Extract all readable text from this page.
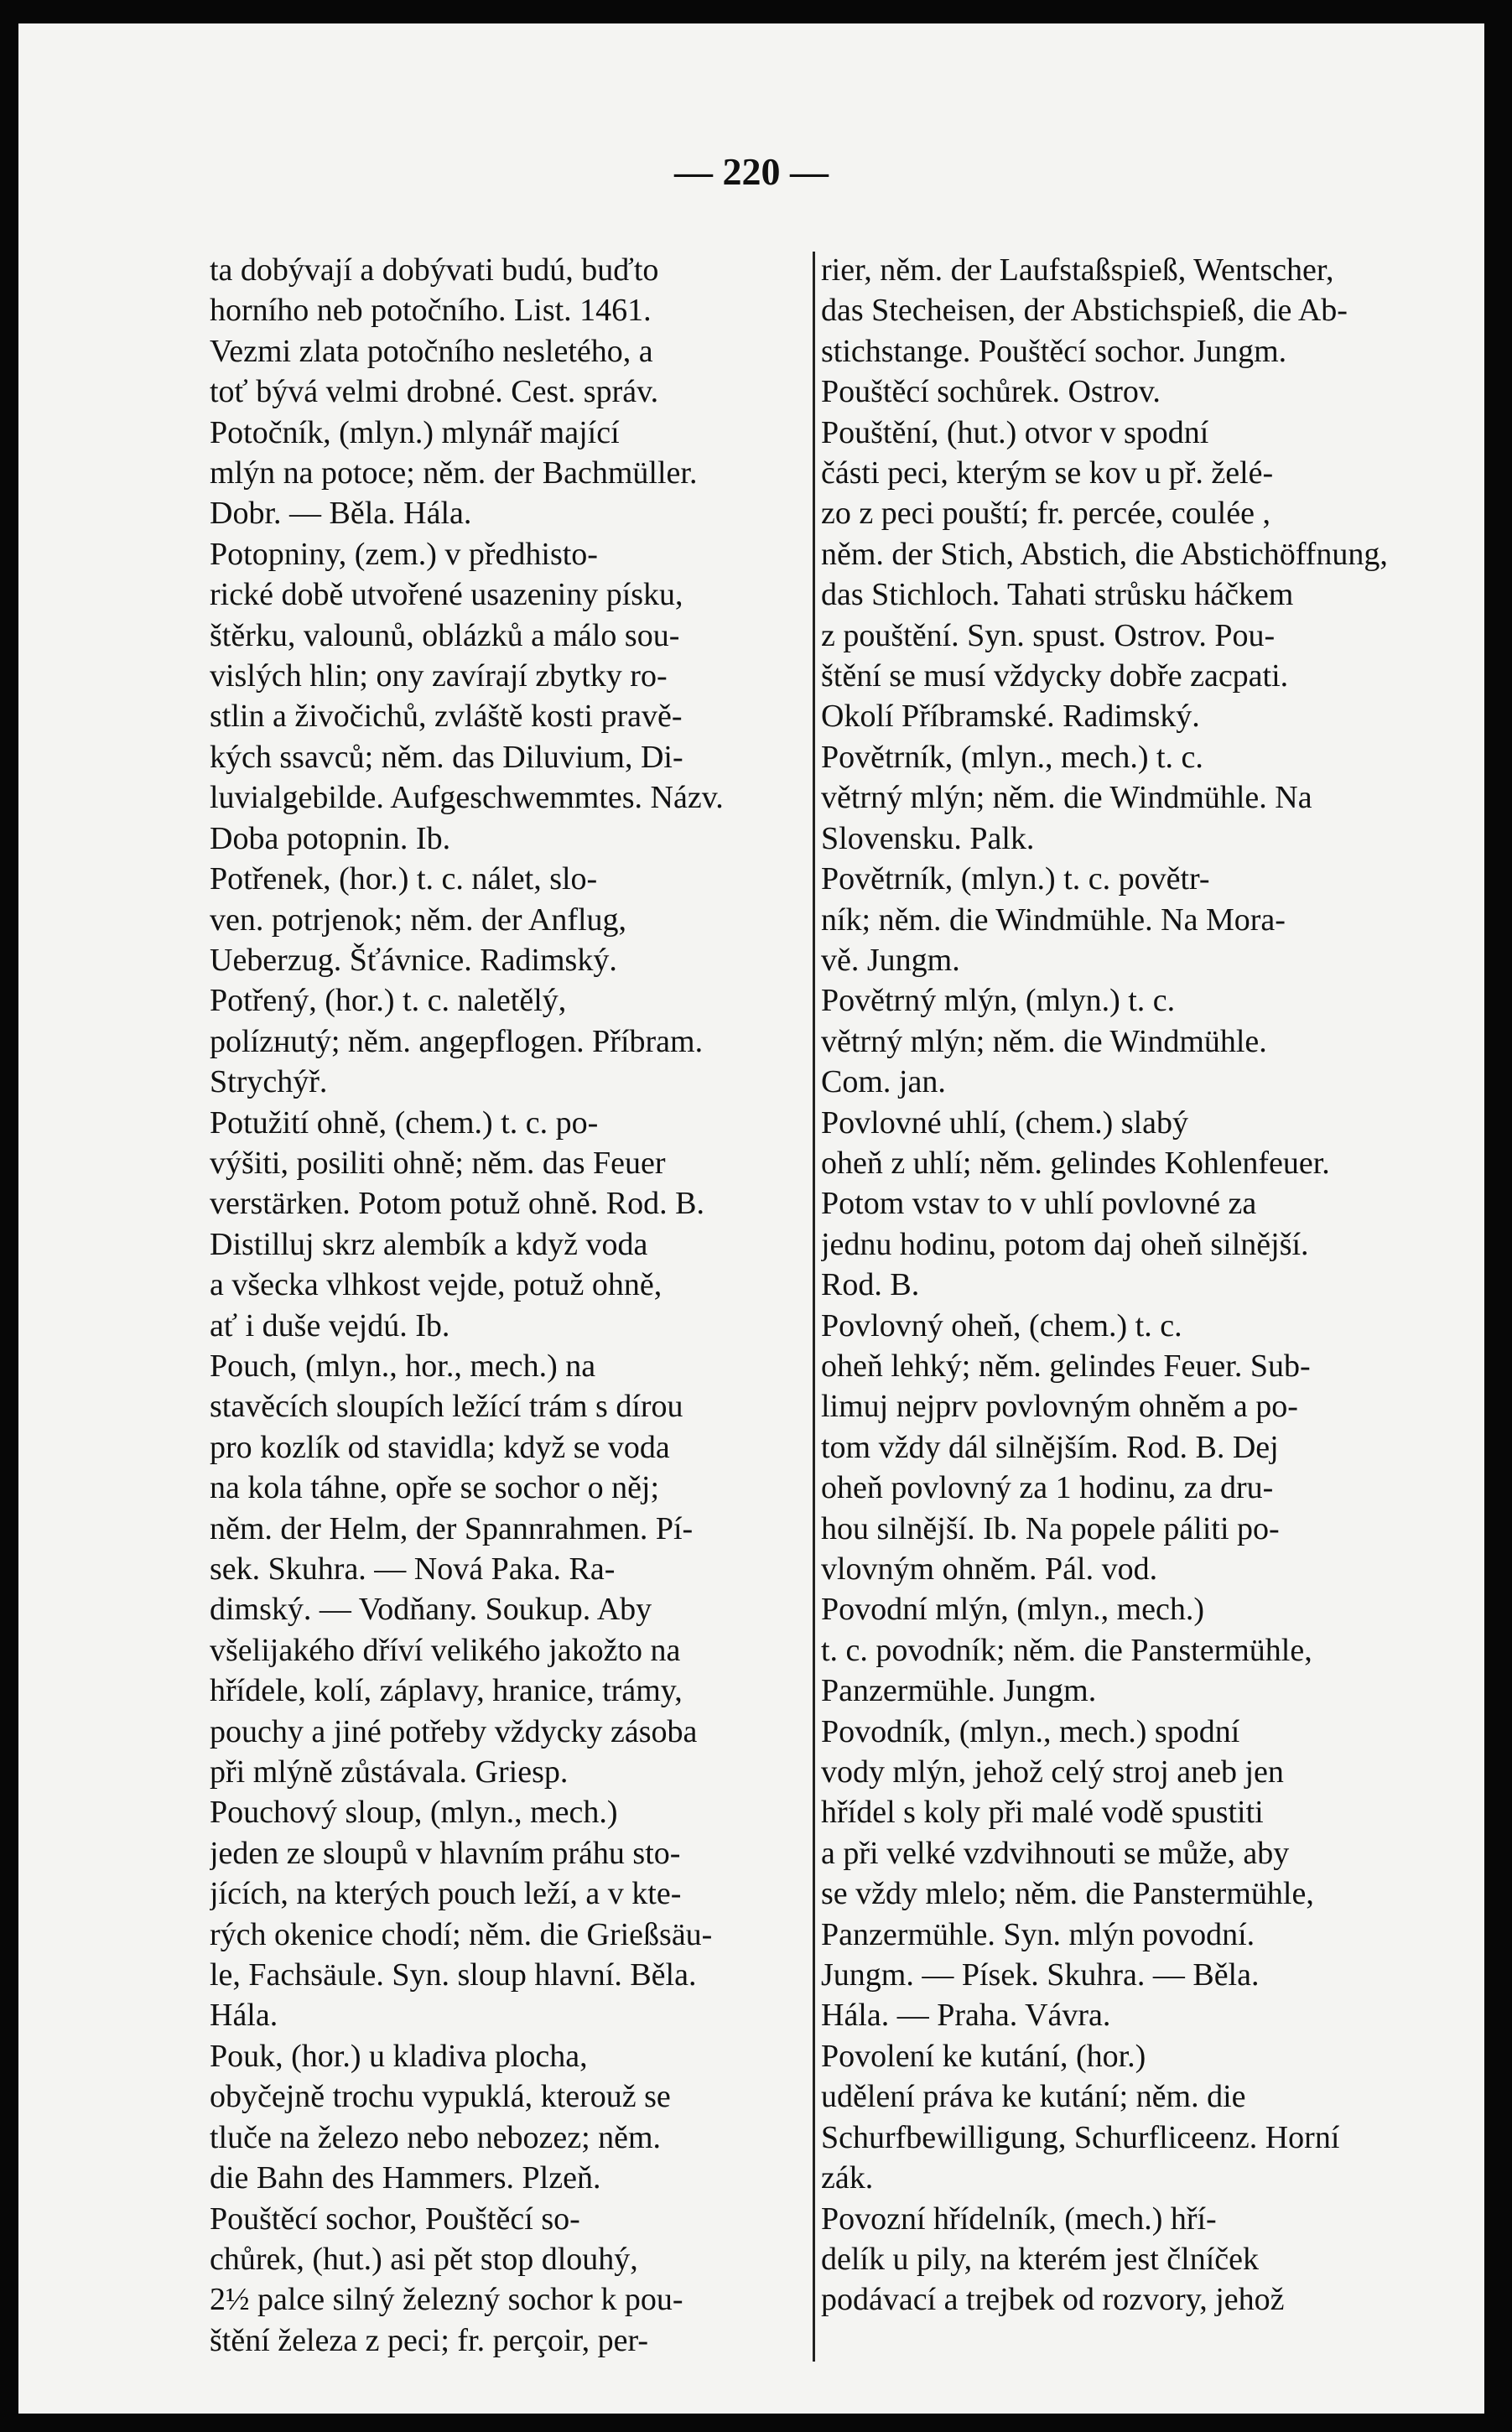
— 220 —
ta dobývají a dobývati budú, buďto
horního neb potočního. List. 1461.
Vezmi zlata potočního nesletého, a
toť bývá velmi drobné. Cest. správ.
Potočník, (mlyn.) mlynář mající
mlýn na potoce; něm. der Bachmüller.
Dobr. — Běla. Hála.
Potopniny, (zem.) v předhisto-
rické době utvořené usazeniny písku,
štěrku, valounů, oblázků a málo sou-
vislých hlin; ony zavírají zbytky ro-
stlin a živočichů, zvláště kosti pravě-
kých ssavců; něm. das Diluvium, Di-
luvialgebilde. Aufgeschwemmtes. Názv.
Doba potopnin. Ib.
Potřenek, (hor.) t. c. nálet, slo-
ven. potrjenok; něm. der Anflug,
Ueberzug. Šťávnice. Radimský.
Potřený, (hor.) t. c. naletělý,
polízнutý; něm. angepflogen. Příbram.
Strychýř.
Potužití ohně, (chem.) t. c. po-
výšiti, posiliti ohně; něm. das Feuer
verstärken. Potom potuž ohně. Rod. B.
Distilluj skrz alembík a když voda
a všecka vlhkost vejde, potuž ohně,
ať i duše vejdú. Ib.
Pouch, (mlyn., hor., mech.) na
stavěcích sloupích ležící trám s dírou
pro kozlík od stavidla; když se voda
na kola táhne, opře se sochor o něj;
něm. der Helm, der Spannrahmen. Pí-
sek. Skuhra. — Nová Paka. Ra-
dimský. — Vodňany. Soukup. Aby
všelijakého dříví velikého jakožto na
hřídele, kolí, záplavy, hranice, trámy,
pouchy a jiné potřeby vždycky zásoba
při mlýně zůstávala. Griesp.
Pouchový sloup, (mlyn., mech.)
jeden ze sloupů v hlavním práhu sto-
jících, na kterých pouch leží, a v kte-
rých okenice chodí; něm. die Grießsäu-
le, Fachsäule. Syn. sloup hlavní. Běla.
Hála.
Pouk, (hor.) u kladiva plocha,
obyčejně trochu vypuklá, kterouž se
tluče na železo nebo nebozez; něm.
die Bahn des Hammers. Plzeň.
Pouštěcí sochor, Pouštěcí so-
chůrek, (hut.) asi pět stop dlouhý,
2½ palce silný železný sochor k pou-
štění železa z peci; fr. perçoir, per-
rier, něm. der Laufstaßspieß, Wentscher,
das Stecheisen, der Abstichspieß, die Ab-
stichstange. Pouštěcí sochor. Jungm.
Pouštěcí sochůrek. Ostrov.
Pouštění, (hut.) otvor v spodní
části peci, kterým se kov u př. želé-
zo z peci pouští; fr. percée, coulée ,
něm. der Stich, Abstich, die Abstichöffnung,
das Stichloch. Tahati strůsku háčkem
z pouštění. Syn. spust. Ostrov. Pou-
štění se musí vždycky dobře zacpati.
Okolí Příbramské. Radimský.
Povětrník, (mlyn., mech.) t. c.
větrný mlýn; něm. die Windmühle. Na
Slovensku. Palk.
Povětrník, (mlyn.) t. c. povětr-
ník; něm. die Windmühle. Na Mora-
vě. Jungm.
Povětrný mlýn, (mlyn.) t. c.
větrný mlýn; něm. die Windmühle.
Com. jan.
Povlovné uhlí, (chem.) slabý
oheň z uhlí; něm. gelindes Kohlenfeuer.
Potom vstav to v uhlí povlovné za
jednu hodinu, potom daj oheň silnější.
Rod. B.
Povlovný oheň, (chem.) t. c.
oheň lehký; něm. gelindes Feuer. Sub-
limuj nejprv povlovným ohněm a po-
tom vždy dál silnějším. Rod. B. Dej
oheň povlovný za 1 hodinu, za dru-
hou silnější. Ib. Na popele páliti po-
vlovným ohněm. Pál. vod.
Povodní mlýn, (mlyn., mech.)
t. c. povodník; něm. die Panstermühle,
Panzermühle. Jungm.
Povodník, (mlyn., mech.) spodní
vody mlýn, jehož celý stroj aneb jen
hřídel s koly při malé vodě spustiti
a při velké vzdvihnouti se může, aby
se vždy mlelo; něm. die Panstermühle,
Panzermühle. Syn. mlýn povodní.
Jungm. — Písek. Skuhra. — Běla.
Hála. — Praha. Vávra.
Povolení ke kutání, (hor.)
udělení práva ke kutání; něm. die
Schurfbewilligung, Schurfliceenz. Horní
zák.
Povozní hřídelník, (mech.) hří-
delík u pily, na kterém jest člníček
podávací a trejbek od rozvory, jehož
